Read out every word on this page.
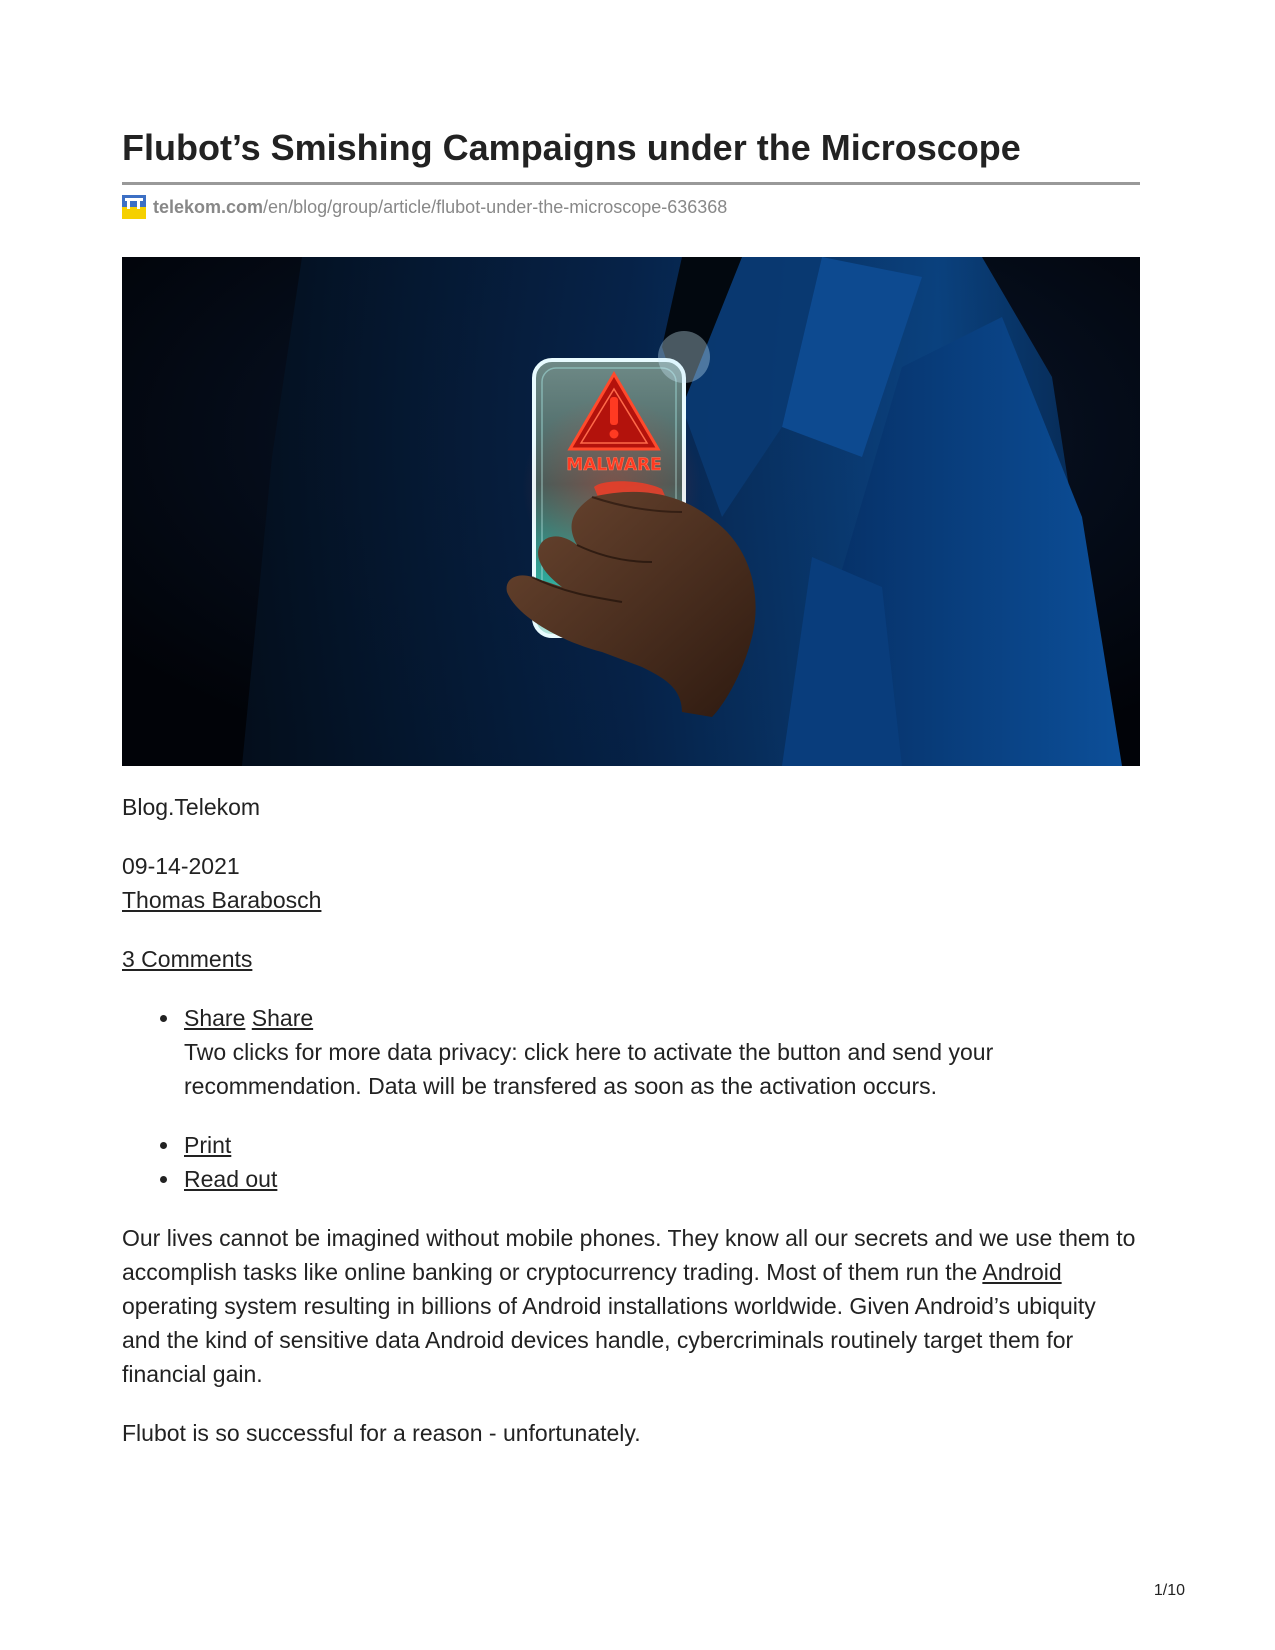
Flubot’s Smishing Campaigns under the Microscope
telekom.com /en/blog/group/article/flubot-under-the-microscope-636368
MALWARE
Blog.Telekom
09-14-2021
Thomas Barabosch
3 Comments
Share Share
Two clicks for more data privacy: click here to activate the button and send your recommendation. Data will be transfered as soon as the activation occurs.
Print
Read out

Our lives cannot be imagined without mobile phones. They know all our secrets and we use them to accomplish tasks like online banking or cryptocurrency trading. Most of them run the Android operating system resulting in billions of Android installations worldwide. Given Android’s ubiquity and the kind of sensitive data Android devices handle, cybercriminals routinely target them for financial gain.

Flubot is so successful for a reason - unfortunately.

1/10
